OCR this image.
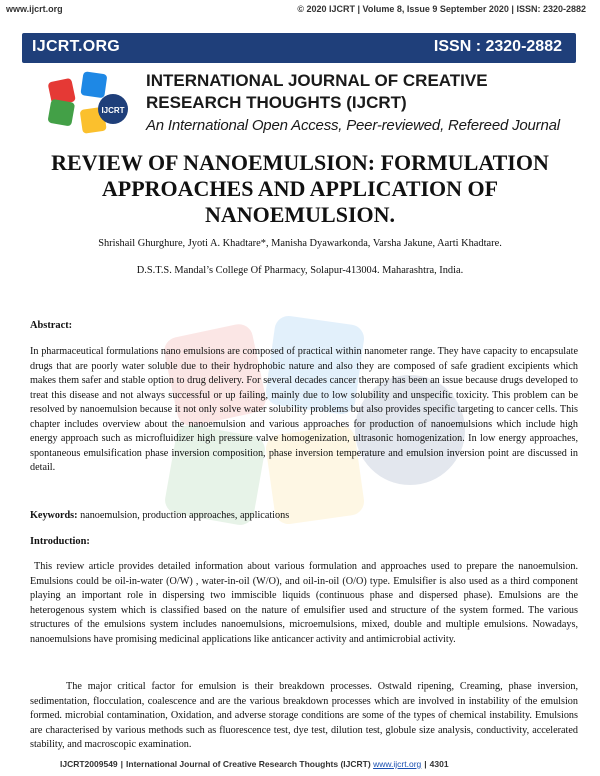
www.ijcrt.org	© 2020 IJCRT | Volume 8, Issue 9 September 2020 | ISSN: 2320-2882
IJCRT.ORG	ISSN : 2320-2882
IJCRT
INTERNATIONAL JOURNAL OF CREATIVE
RESEARCH THOUGHTS (IJCRT)
An International Open Access, Peer-reviewed, Refereed Journal
REVIEW OF NANOEMULSION: FORMULATION
APPROACHES AND APPLICATION OF
NANOEMULSION.
Shrishail Ghurghure, Jyoti A. Khadtare*, Manisha Dyawarkonda, Varsha Jakune, Aarti Khadtare.
D.S.T.S. Mandal’s College Of Pharmacy, Solapur-413004. Maharashtra, India.
Abstract:
In pharmaceutical formulations nano emulsions are composed of practical within nanometer range. They have capacity to encapsulate drugs that are poorly water soluble due to their hydrophobic nature and also they are composed of safe gradient excipients which makes them safer and stable option to drug delivery. For several decades cancer therapy has been an issue because drugs developed to treat this disease and not always successful or up failing, mainly due to low solubility and unspecific toxicity. This problem can be resolved by nanoemulsion because it not only solve water solubility problems but also provides specific targeting to cancer cells. This chapter includes overview about the nanoemulsion and various approaches for production of nanoemulsions which include high energy approach such as microfluidizer high pressure valve homogenization, ultrasonic homogenization. In low energy approaches, spontaneous emulsification phase inversion composition, phase inversion temperature and emulsion inversion point are discussed in detail.
Keywords: nanoemulsion, production approaches, applications
Introduction:
This review article provides detailed information about various formulation and approaches used to prepare the nanoemulsion. Emulsions could be oil-in-water (O/W) , water-in-oil (W/O), and oil-in-oil (O/O) type. Emulsifier is also used as a third component playing an important role in dispersing two immiscible liquids (continuous phase and dispersed phase). Emulsions are the heterogenous system which is classified based on the nature of emulsifier used and structure of the system formed. The various structures of the emulsions system includes nanoemulsions, microemulsions, mixed, double and multiple emulsions. Nowadays, nanoemulsions have promising medicinal applications like anticancer activity and antimicrobial activity.
The major critical factor for emulsion is their breakdown processes. Ostwald ripening, Creaming, phase inversion, sedimentation, flocculation, coalescence and are the various breakdown processes which are involved in instability of the emulsion formed. microbial contamination, Oxidation, and adverse storage conditions are some of the types of chemical instability. Emulsions are characterised by various methods such as fluorescence test, dye test, dilution test, globule size analysis, conductivity, accelerated stability, and macroscopic examination.
IJCRT2009549 | International Journal of Creative Research Thoughts (IJCRT) www.ijcrt.org | 4301
